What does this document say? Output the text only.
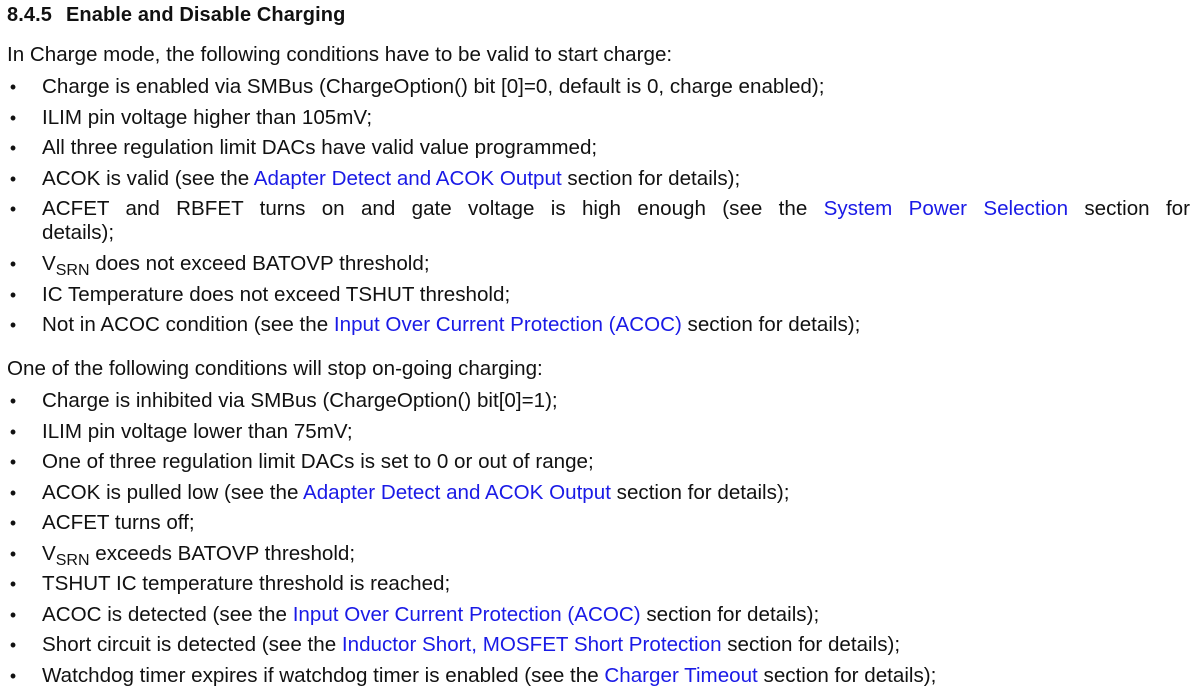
8.4.5 Enable and Disable Charging
In Charge mode, the following conditions have to be valid to start charge:
• Charge is enabled via SMBus (ChargeOption() bit [0]=0, default is 0, charge enabled);
• ILIM pin voltage higher than 105mV;
• All three regulation limit DACs have valid value programmed;
• ACOK is valid (see the Adapter Detect and ACOK Output section for details);
• ACFET and RBFET turns on and gate voltage is high enough (see the System Power Selection section for
details);
• $V_{SRN}$ does not exceed BATOVP threshold;
• IC Temperature does not exceed TSHUT threshold;
• Not in ACOC condition (see the Input Over Current Protection (ACOC) section for details);
One of the following conditions will stop on-going charging:
• Charge is inhibited via SMBus (ChargeOption() bit[0]=1);
• ILIM pin voltage lower than 75mV;
• One of three regulation limit DACs is set to 0 or out of range;
• ACOK is pulled low (see the Adapter Detect and ACOK Output section for details);
• ACFET turns off;
• $V_{SRN}$ exceeds BATOVP threshold;
• TSHUT IC temperature threshold is reached;
• ACOC is detected (see the Input Over Current Protection (ACOC) section for details);
• Short circuit is detected (see the Inductor Short, MOSFET Short Protection section for details);
• Watchdog timer expires if watchdog timer is enabled (see the Charger Timeout section for details);
